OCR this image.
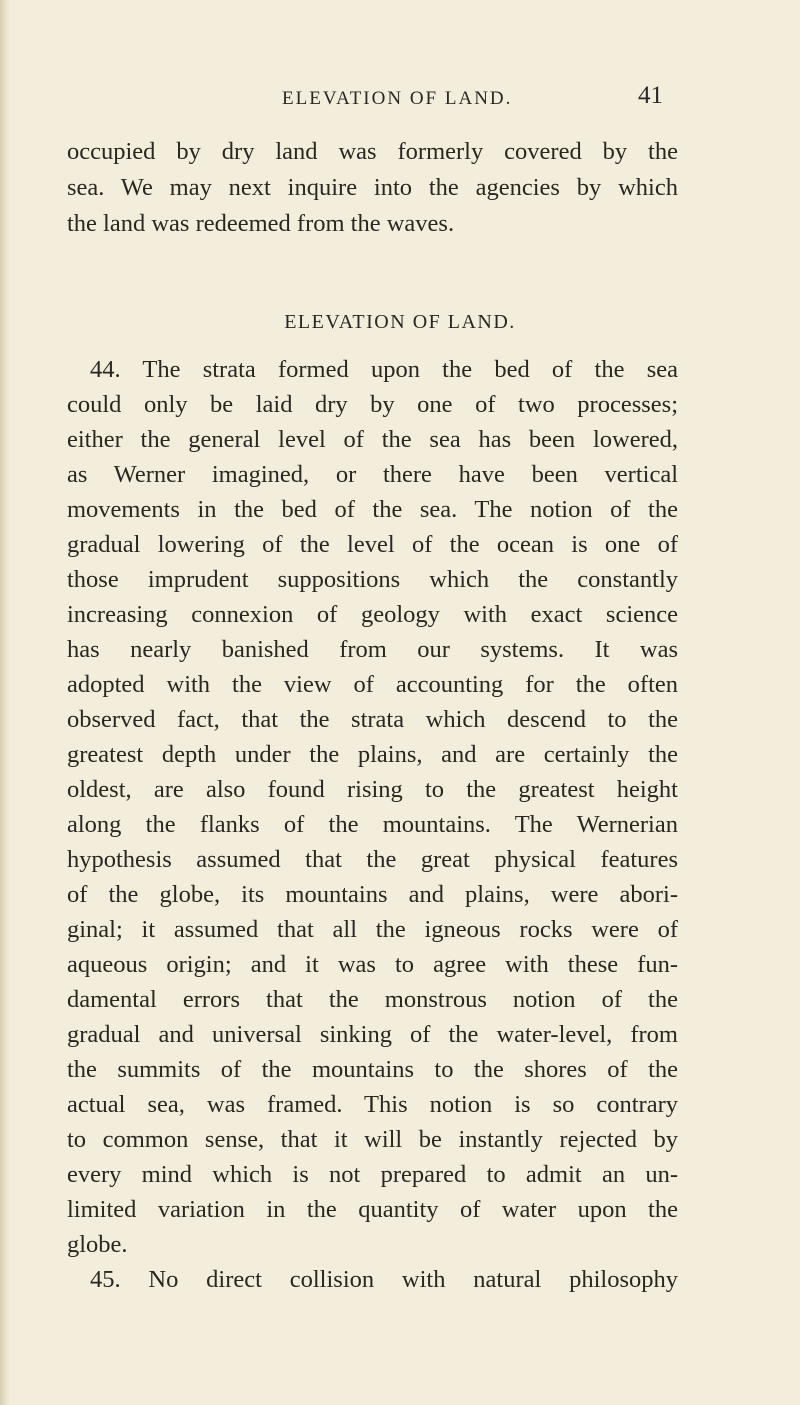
ELEVATION OF LAND.	41
occupied by dry land was formerly covered by the
sea. We may next inquire into the agencies by which
the land was redeemed from the waves.
ELEVATION OF LAND.
44. The strata formed upon the bed of the sea
could only be laid dry by one of two processes;
either the general level of the sea has been lowered,
as Werner imagined, or there have been vertical
movements in the bed of the sea. The notion of the
gradual lowering of the level of the ocean is one of
those imprudent suppositions which the constantly
increasing connexion of geology with exact science
has nearly banished from our systems. It was
adopted with the view of accounting for the often
observed fact, that the strata which descend to the
greatest depth under the plains, and are certainly the
oldest, are also found rising to the greatest height
along the flanks of the mountains. The Wernerian
hypothesis assumed that the great physical features
of the globe, its mountains and plains, were abori-
ginal; it assumed that all the igneous rocks were of
aqueous origin; and it was to agree with these fun-
damental errors that the monstrous notion of the
gradual and universal sinking of the water-level, from
the summits of the mountains to the shores of the
actual sea, was framed. This notion is so contrary
to common sense, that it will be instantly rejected by
every mind which is not prepared to admit an un-
limited variation in the quantity of water upon the
globe.
45. No direct collision with natural philosophy
